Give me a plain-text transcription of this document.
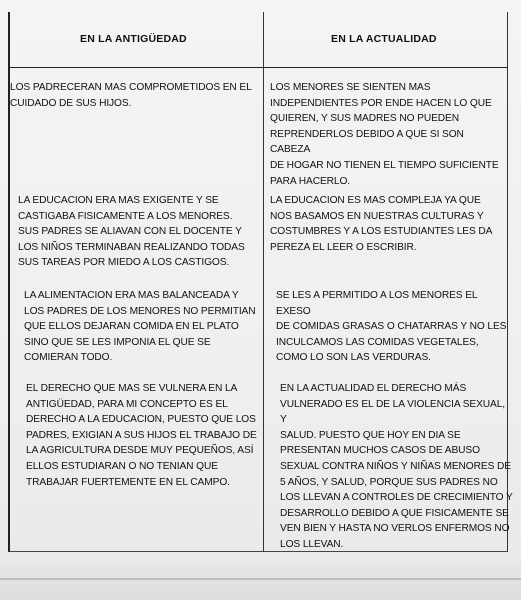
EN LA ANTIGÜEDAD	EN LA ACTUALIDAD
LOS PADRECERAN MAS COMPROMETIDOS EN EL
CUIDADO DE SUS HIJOS.
LOS MENORES SE SIENTEN MAS
INDEPENDIENTES POR ENDE HACEN LO QUE
QUIEREN, Y SUS MADRES NO PUEDEN
REPRENDERLOS DEBIDO A QUE SI SON CABEZA
DE HOGAR NO TIENEN EL TIEMPO SUFICIENTE
PARA HACERLO.
LA EDUCACION ERA MAS EXIGENTE Y SE
CASTIGABA FISICAMENTE A LOS MENORES.
SUS PADRES SE ALIAVAN CON EL DOCENTE Y
LOS NIÑOS TERMINABAN REALIZANDO TODAS
SUS TAREAS POR MIEDO A LOS CASTIGOS.
LA EDUCACION ES MAS COMPLEJA YA QUE
NOS BASAMOS EN NUESTRAS CULTURAS Y
COSTUMBRES Y A LOS ESTUDIANTES LES DA
PEREZA EL LEER O ESCRIBIR.
LA ALIMENTACION ERA MAS BALANCEADA Y
LOS PADRES DE LOS MENORES NO PERMITIAN
QUE ELLOS DEJARAN COMIDA EN EL PLATO
SINO QUE SE LES IMPONIA EL QUE SE
COMIERAN TODO.
SE LES A PERMITIDO A LOS MENORES EL EXESO
DE COMIDAS GRASAS O CHATARRAS Y NO LES
INCULCAMOS LAS COMIDAS VEGETALES,
COMO LO SON LAS VERDURAS.
EL DERECHO QUE MAS SE VULNERA EN LA
ANTIGÜEDAD, PARA MI CONCEPTO ES EL
DERECHO A LA EDUCACION, PUESTO QUE LOS
PADRES, EXIGIAN A SUS HIJOS EL TRABAJO DE
LA AGRICULTURA DESDE MUY PEQUEÑOS, ASÍ
ELLOS ESTUDIARAN O NO TENIAN QUE
TRABAJAR FUERTEMENTE EN EL CAMPO.
EN LA ACTUALIDAD EL DERECHO MÁS
VULNERADO ES EL DE LA VIOLENCIA SEXUAL, Y
SALUD. PUESTO QUE HOY EN DIA SE
PRESENTAN MUCHOS CASOS DE ABUSO
SEXUAL CONTRA NIÑOS Y NIÑAS MENORES DE
5 AÑOS, Y SALUD, PORQUE SUS PADRES NO
LOS LLEVAN A CONTROLES DE CRECIMIENTO Y
DESARROLLO DEBIDO A QUE FISICAMENTE SE
VEN BIEN Y HASTA NO VERLOS ENFERMOS NO
LOS LLEVAN.
